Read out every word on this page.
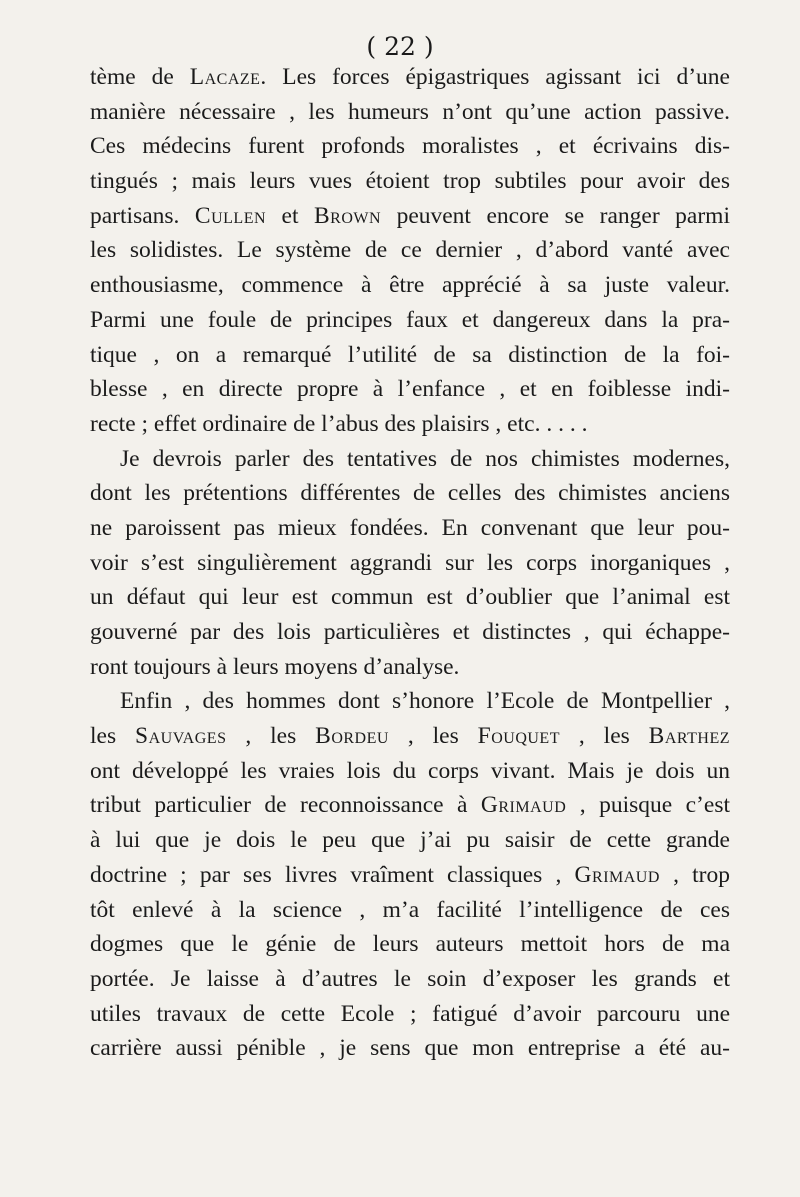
( 22 )
tème de Lacaze. Les forces épigastriques agissant ici d’une
manière nécessaire , les humeurs n’ont qu’une action passive.
Ces médecins furent profonds moralistes , et écrivains dis-
tingués ; mais leurs vues étoient trop subtiles pour avoir des
partisans. Cullen et Brown peuvent encore se ranger parmi
les solidistes. Le système de ce dernier , d’abord vanté avec
enthousiasme, commence à être apprécié à sa juste valeur.
Parmi une foule de principes faux et dangereux dans la pra-
tique , on a remarqué l’utilité de sa distinction de la foi-
blesse , en directe propre à l’enfance , et en foiblesse indi-
recte ; effet ordinaire de l’abus des plaisirs , etc. . . . .
Je devrois parler des tentatives de nos chimistes modernes,
dont les prétentions différentes de celles des chimistes anciens
ne paroissent pas mieux fondées. En convenant que leur pou-
voir s’est singulièrement aggrandi sur les corps inorganiques ,
un défaut qui leur est commun est d’oublier que l’animal est
gouverné par des lois particulières et distinctes , qui échappe-
ront toujours à leurs moyens d’analyse.
Enfin , des hommes dont s’honore l’Ecole de Montpellier ,
les Sauvages , les Bordeu , les Fouquet , les Barthez
ont développé les vraies lois du corps vivant. Mais je dois un
tribut particulier de reconnoissance à Grimaud , puisque c’est
à lui que je dois le peu que j’ai pu saisir de cette grande
doctrine ; par ses livres vraîment classiques , Grimaud , trop
tôt enlevé à la science , m’a facilité l’intelligence de ces
dogmes que le génie de leurs auteurs mettoit hors de ma
portée. Je laisse à d’autres le soin d’exposer les grands et
utiles travaux de cette Ecole ; fatigué d’avoir parcouru une
carrière aussi pénible , je sens que mon entreprise a été au-
